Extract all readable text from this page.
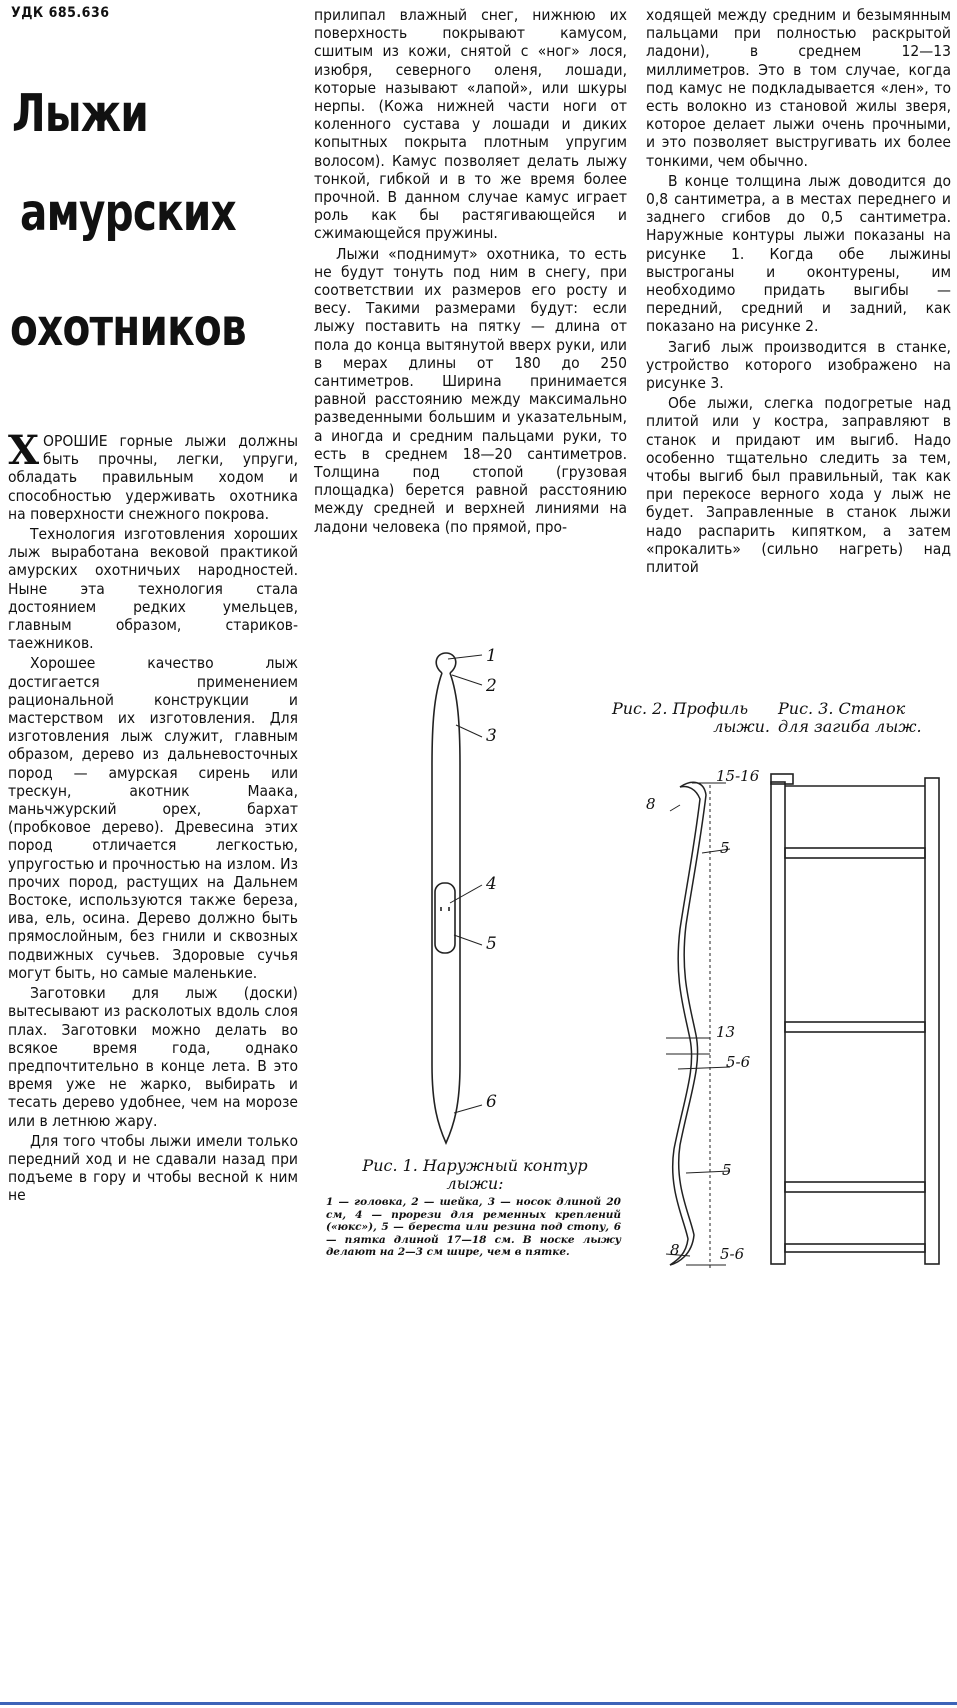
УДК 685.636
Лыжи
амурских
охотников

ХОРОШИЕ горные лыжи должны быть прочны, легки, упруги, обладать правильным ходом и способностью удерживать охотника на поверхности снежного покрова.

Технология изготовления хороших лыж выработана вековой практикой амурских охотничьих народностей. Ныне эта технология стала достоянием редких умельцев, главным образом, стариков-таежников.

Хорошее качество лыж достигается применением рациональной конструкции и мастерством их изготовления. Для изготовления лыж служит, главным образом, дерево из дальневосточных пород — амурская сирень или трескун, акотник Маака, маньчжурский орех, бархат (пробковое дерево). Древесина этих пород отличается легкостью, упругостью и прочностью на излом. Из прочих пород, растущих на Дальнем Востоке, используются также береза, ива, ель, осина. Дерево должно быть прямослойным, без гнили и сквозных подвижных сучьев. Здоровые сучья могут быть, но самые маленькие.

Заготовки для лыж (доски) вытесывают из расколотых вдоль слоя плах. Заготовки можно делать во всякое время года, однако предпочтительно в конце лета. В это время уже не жарко, выбирать и тесать дерево удобнее, чем на морозе или в летнюю жару.

Для того чтобы лыжи имели только передний ход и не сдавали назад при подъеме в гору и чтобы весной к ним не

прилипал влажный снег, нижнюю их поверхность покрывают камусом, сшитым из кожи, снятой с «ног» лося, изюбря, северного оленя, лошади, которые называют «лапой», или шкуры нерпы. (Кожа нижней части ноги от коленного сустава у лошади и диких копытных покрыта плотным упругим волосом). Камус позволяет делать лыжу тонкой, гибкой и в то же время более прочной. В данном случае камус играет роль как бы растягивающейся и сжимающейся пружины.

Лыжи «поднимут» охотника, то есть не будут тонуть под ним в снегу, при соответствии их размеров его росту и весу. Такими размерами будут: если лыжу поставить на пятку — длина от пола до конца вытянутой вверх руки, или в мерах длины от 180 до 250 сантиметров. Ширина принимается равной расстоянию между максимально разведенными большим и указательным, а иногда и средним пальцами руки, то есть в среднем 18—20 сантиметров. Толщина под стопой (грузовая площадка) берется равной расстоянию между средней и верхней линиями на ладони человека (по прямой, про-

ходящей между средним и безымянным пальцами при полностью раскрытой ладони), в среднем 12—13 миллиметров. Это в том случае, когда под камус не подкладывается «лен», то есть волокно из становой жилы зверя, которое делает лыжи очень прочными, и это позволяет выстругивать их более тонкими, чем обычно.

В конце толщина лыж доводится до 0,8 сантиметра, а в местах переднего и заднего сгибов до 0,5 сантиметра. Наружные контуры лыжи показаны на рисунке 1. Когда обе лыжины выстроганы и оконтурены, им необходимо придать выгибы — передний, средний и задний, как показано на рисунке 2.

Загиб лыж производится в станке, устройство которого изображено на рисунке 3.

Обе лыжи, слегка подогретые над плитой или у костра, заправляют в станок и придают им выгиб. Надо особенно тщательно следить за тем, чтобы выгиб был правильный, так как при перекосе верного хода у лыж не будет. Заправленные в станок лыжи надо распарить кипятком, а затем «прокалить» (сильно нагреть) над плитой

1
2
3
4
5
6
Рис. 1. Наружный контур
лыжи:
1 — головка, 2 — шейка, 3 — носок длиной 20 см, 4 — прорези для ременных креплений («юкс»), 5 — береста или резина под стопу, 6 — пятка длиной 17—18 см. В носке лыжу делают на 2—3 см шире, чем в пятке.
Рис. 2. Профиль
лыжи.
15-16
8
5
13
5-6
5
8	5-6
Рис. 3. Станок
для загиба лыж.
